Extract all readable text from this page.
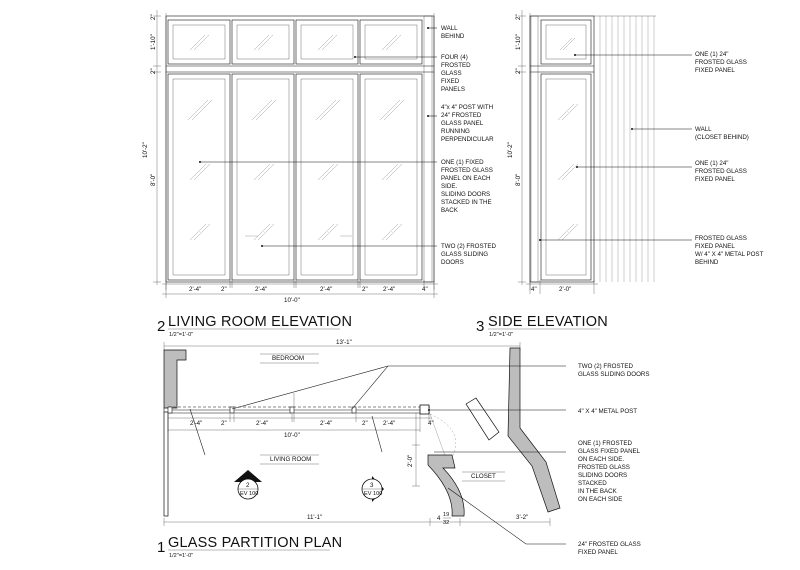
1'-10"
2"
2"
8'-0"
10'-2"
2'-4"	2"	2'-4"	2'-4"	2" 2'-4"	4"
10'-0"
WALL BEHIND
FOUR (4) FROSTED GLASS FIXED PANELS
4"x 4" POST WITH 24" FROSTED GLASS PANEL RUNNING PERPENDICULAR
ONE (1) FIXED FROSTED GLASS PANEL ON EACH SIDE. SLIDING DOORS STACKED IN THE BACK
TWO (2) FROSTED GLASS SLIDING DOORS
2 LIVING ROOM ELEVATION
1/2"=1'-0"
1'-10"
2"
2"
8'-0"
10'-2"
4"	2'-0"
ONE (1) 24" FROSTED GLASS FIXED PANEL
WALL (CLOSET BEHIND)
ONE (1) 24" FROSTED GLASS FIXED PANEL
FROSTED GLASS FIXED PANEL W/ 4" X 4" METAL POST BEHIND
3 SIDE ELEVATION
1/2"=1'-0"
13'-1"
BEDROOM
LIVING ROOM
CLOSET
2'-4"	2"	2'-4"	2'-4"	2" 2'-4"	4"
10'-0"
2'-0"
2
EV 100
3
EV 100
11'-1"	3'-2"
4 19
32
TWO (2) FROSTED GLASS SLIDING DOORS
4" X 4" METAL POST
ONE (1) FROSTED GLASS FIXED PANEL ON EACH SIDE. FROSTED GLASS SLIDING DOORS STACKED IN THE BACK ON EACH SIDE
24" FROSTED GLASS FIXED PANEL
1 GLASS PARTITION PLAN
1/2"=1'-0"
